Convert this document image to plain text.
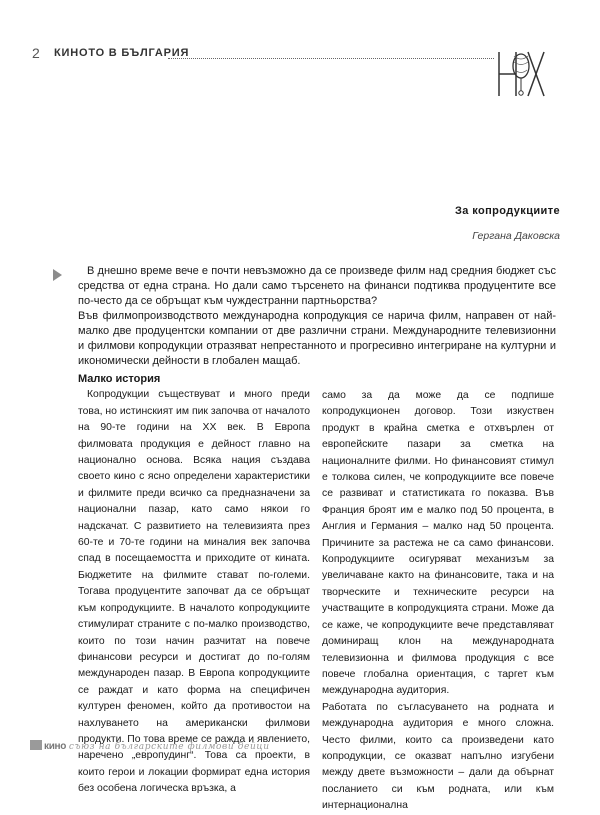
2 КИНОТО В БЪЛГАРИЯ
НОХ
За копродукциите
Гергана Даковска

В днешно време вече е почти невъзможно да се произведе филм над средния бюджет със средства от една страна. Но дали само търсенето на финанси подтиква продуцентите все по-често да се обръщат към чуждестранни партньорства?

Във филмопроизводството международна копродукция се нарича филм, направен от най-малко две продуцентски компании от две различни страни. Международните телевизионни и филмови копродукции отразяват непрестанното и прогресивно интегриране на културни и икономически дейности в глобален мащаб.

Малко история

Копродукции съществуват и много преди това, но истинският им пик започва от началото на 90-те години на XX век. В Европа филмовата продукция е дейност главно на национално основа. Всяка нация създава своето кино с ясно определени характеристики и филмите преди всичко са предназначени за национални пазар, като само някои го надскачат. С развитието на телевизията през 60-те и 70-те години на миналия век започва спад в посещаемостта и приходите от кината. Бюджетите на филмите стават по-големи. Тогава продуцентите започват да се обръщат към копродукциите. В началото копродукциите стимулират страните с по-малко производство, които по този начин разчитат на повече финансови ресурси и достигат до по-голям международен пазар. В Европа копродукциите се раждат и като форма на специфичен културен феномен, който да противостои на нахлуването на американски филмови продукти. По това време се ражда и явлението, наречено „европудинг“. Това са проекти, в които герои и локации формират една история без особена логическа връзка, а

само за да може да се подпише копродукционен договор. Този изкуствен продукт в крайна сметка е отхвърлен от европейските пазари за сметка на националните филми. Но финансовият стимул е толкова силен, че копродукциите все повече се развиват и статистиката го показва. Във Франция броят им е малко под 50 процента, в Англия и Германия – малко над 50 процента. Причините за растежа не са само финансови. Копродукциите осигуряват механизъм за увеличаване както на финансовите, така и на творческите и техническите ресурси на участващите в копродукцията страни. Може да се каже, че копродукциите вече представляват доминиращ клон на международната телевизионна и филмова продукция с все повече глобална ориентация, с таргет към международна аудитория.

Работата по съгласуването на родната и международна аудитория е много сложна. Често филми, които са произведени като копродукции, се оказват напълно изгубени между двете възможности – дали да обърнат посланието си към родната, или към интернационална

кино съюз на българските филмови дейци
